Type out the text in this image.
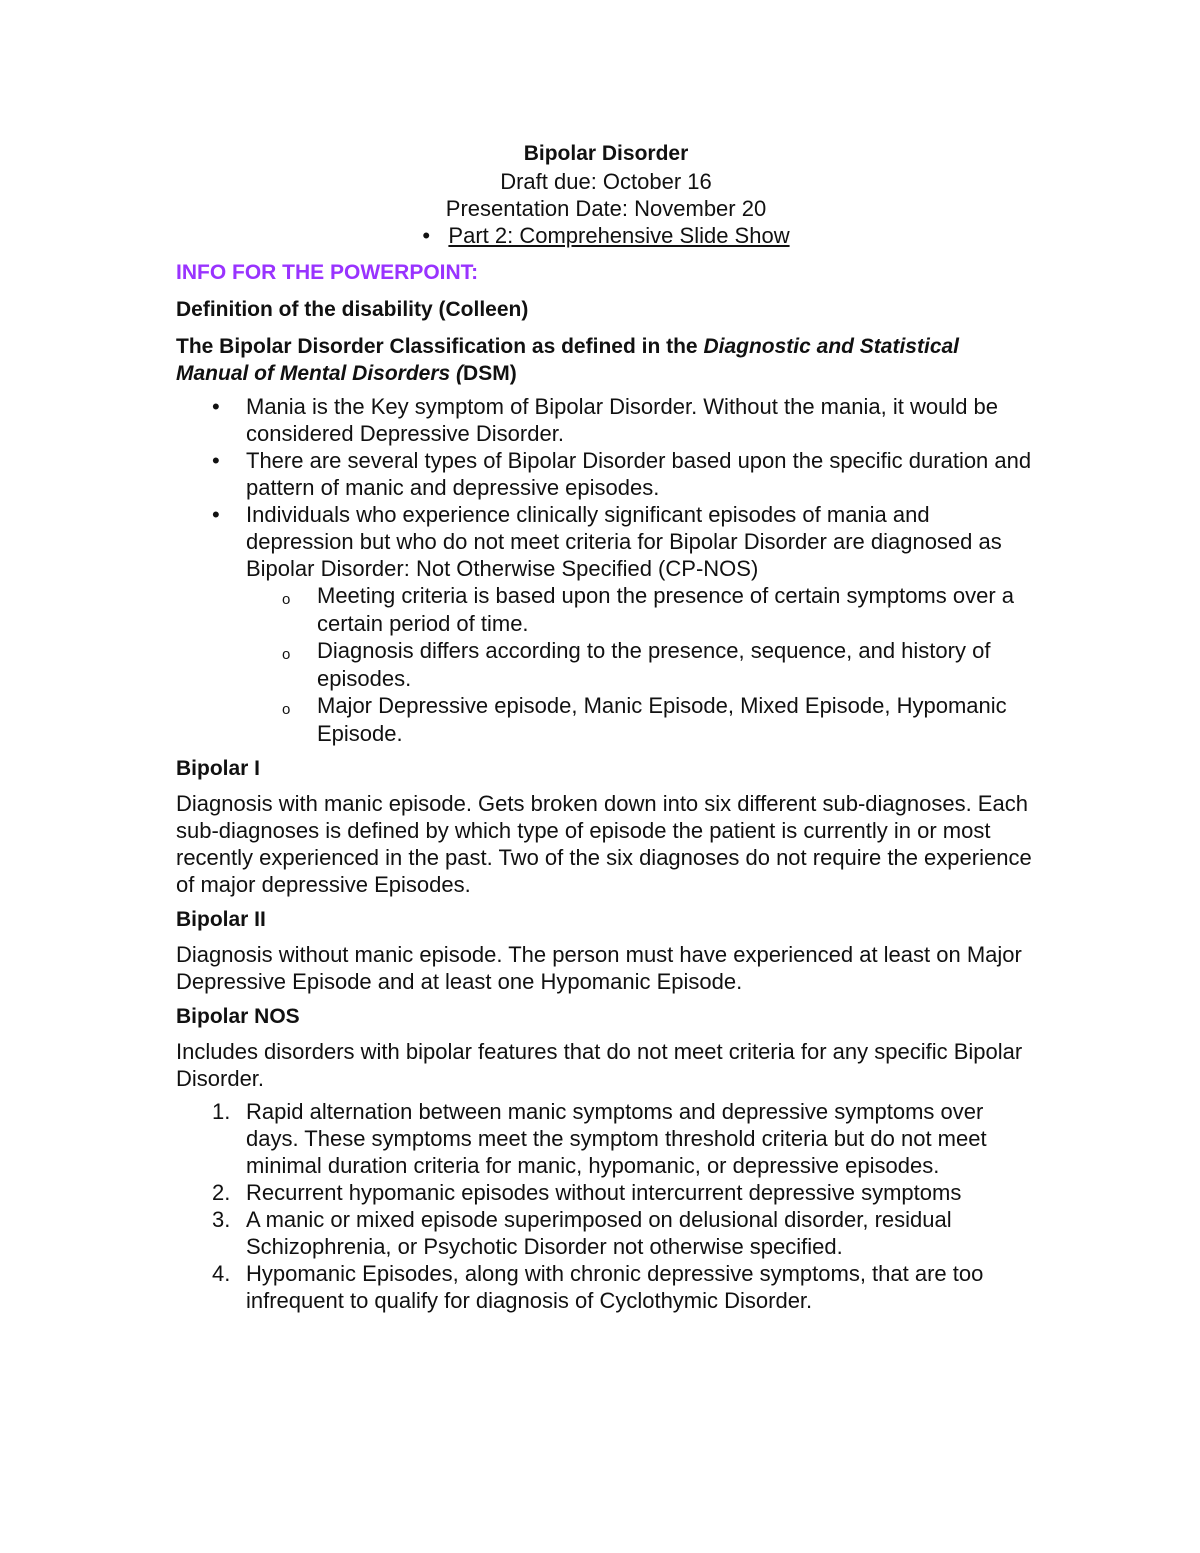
Bipolar Disorder
Draft due: October 16
Presentation Date: November 20
• Part 2: Comprehensive Slide Show
INFO FOR THE POWERPOINT:
Definition of the disability (Colleen)
The Bipolar Disorder Classification as defined in the Diagnostic and Statistical Manual of Mental Disorders (DSM)
• Mania is the Key symptom of Bipolar Disorder. Without the mania, it would be considered Depressive Disorder.
• There are several types of Bipolar Disorder based upon the specific duration and pattern of manic and depressive episodes.
• Individuals who experience clinically significant episodes of mania and depression but who do not meet criteria for Bipolar Disorder are diagnosed as Bipolar Disorder: Not Otherwise Specified (CP-NOS)
o Meeting criteria is based upon the presence of certain symptoms over a certain period of time.
o Diagnosis differs according to the presence, sequence, and history of episodes.
o Major Depressive episode, Manic Episode, Mixed Episode, Hypomanic Episode.
Bipolar I

Diagnosis with manic episode. Gets broken down into six different sub-diagnoses. Each sub-diagnoses is defined by which type of episode the patient is currently in or most recently experienced in the past. Two of the six diagnoses do not require the experience of major depressive Episodes.

Bipolar II

Diagnosis without manic episode. The person must have experienced at least on Major Depressive Episode and at least one Hypomanic Episode.

Bipolar NOS

Includes disorders with bipolar features that do not meet criteria for any specific Bipolar Disorder.

1. Rapid alternation between manic symptoms and depressive symptoms over days. These symptoms meet the symptom threshold criteria but do not meet minimal duration criteria for manic, hypomanic, or depressive episodes.
2. Recurrent hypomanic episodes without intercurrent depressive symptoms
3. A manic or mixed episode superimposed on delusional disorder, residual Schizophrenia, or Psychotic Disorder not otherwise specified.
4. Hypomanic Episodes, along with chronic depressive symptoms, that are too infrequent to qualify for diagnosis of Cyclothymic Disorder.
